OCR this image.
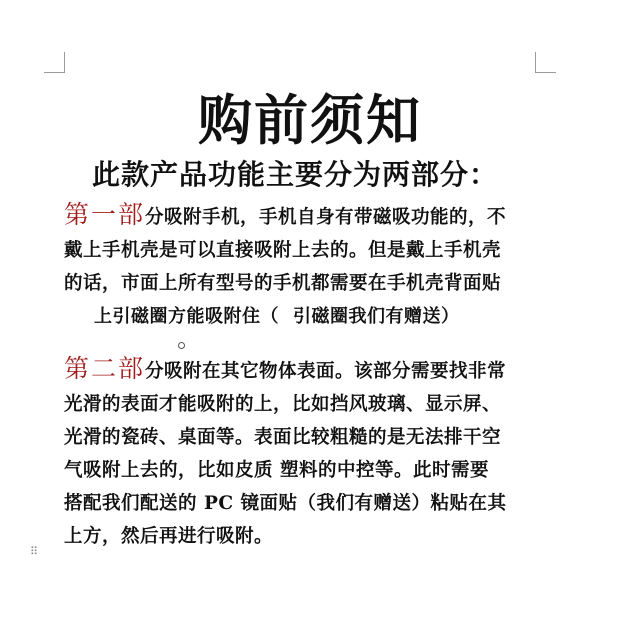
⠿
购前须知
此款产品功能主要分为两部分：
第一部分吸附手机，手机自身有带磁吸功能的，不
戴上手机壳是可以直接吸附上去的。但是戴上手机壳
的话，市面上所有型号的手机都需要在手机壳背面贴
上引磁圈方能吸附住（ 引磁圈我们有赠送）
第二部分吸附在其它物体表面。该部分需要找非常
光滑的表面才能吸附的上，比如挡风玻璃、显示屏、
光滑的瓷砖、桌面等。表面比较粗糙的是无法排干空
气吸附上去的，比如皮质 塑料的中控等。此时需要
搭配我们配送的 PC 镜面贴（我们有赠送）粘贴在其
上方，然后再进行吸附。
